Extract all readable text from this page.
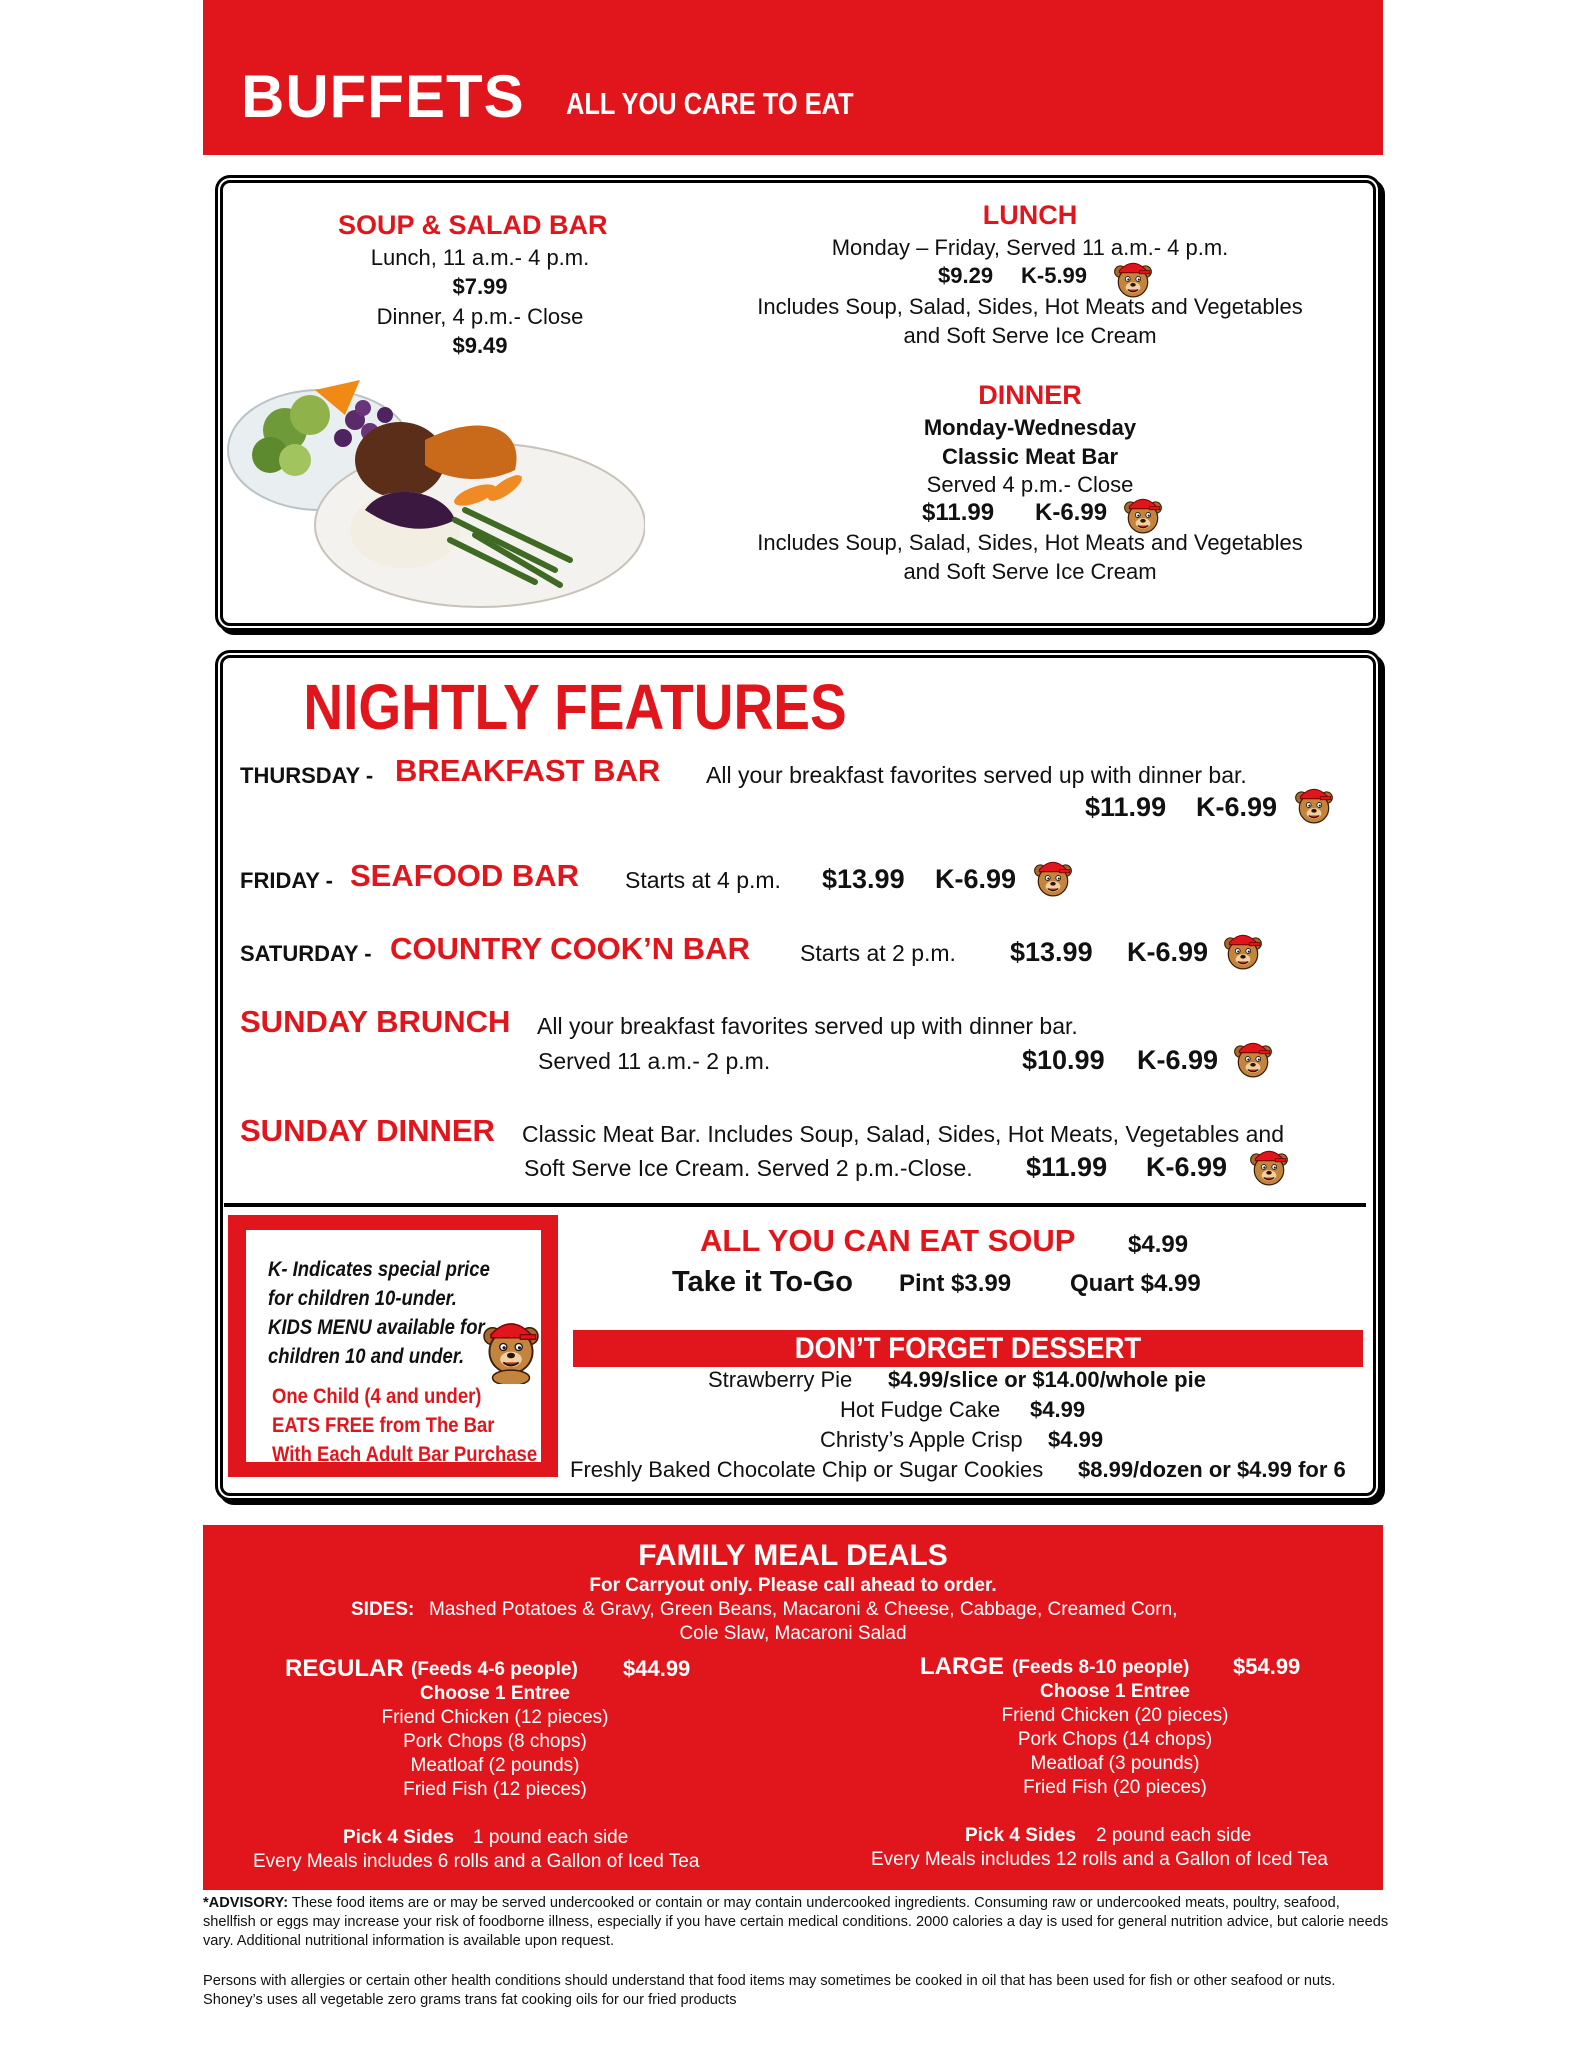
BUFFETS ALL YOU CARE TO EAT
SOUP & SALAD BAR
Lunch, 11 a.m.- 4 p.m.
$7.99
Dinner, 4 p.m.- Close
$9.49
LUNCH
Monday – Friday, Served 11 a.m.- 4 p.m.
$9.29 K-5.99
Includes Soup, Salad, Sides, Hot Meats and Vegetables
and Soft Serve Ice Cream
DINNER
Monday-Wednesday
Classic Meat Bar
Served 4 p.m.- Close
$11.99 K-6.99
Includes Soup, Salad, Sides, Hot Meats and Vegetables
and Soft Serve Ice Cream
NIGHTLY FEATURES
THURSDAY - BREAKFAST BAR All your breakfast favorites served up with dinner bar.
$11.99 K-6.99
FRIDAY - SEAFOOD BAR Starts at 4 p.m. $13.99 K-6.99
SATURDAY - COUNTRY COOK’N BAR Starts at 2 p.m. $13.99 K-6.99
SUNDAY BRUNCH All your breakfast favorites served up with dinner bar.
Served 11 a.m.- 2 p.m.	$10.99 K-6.99
SUNDAY DINNER Classic Meat Bar. Includes Soup, Salad, Sides, Hot Meats, Vegetables and
Soft Serve Ice Cream. Served 2 p.m.-Close. $11.99 K-6.99
K- Indicates special price
for children 10-under.
KIDS MENU available for
children 10 and under.
One Child (4 and under)
EATS FREE from The Bar
With Each Adult Bar Purchase
ALL YOU CAN EAT SOUP $4.99
Take it To-Go Pint $3.99 Quart $4.99
DON’T FORGET DESSERT
Strawberry Pie $4.99/slice or $14.00/whole pie
Hot Fudge Cake $4.99
Christy’s Apple Crisp $4.99
Freshly Baked Chocolate Chip or Sugar Cookies $8.99/dozen or $4.99 for 6
FAMILY MEAL DEALS
For Carryout only. Please call ahead to order.
SIDES: Mashed Potatoes & Gravy, Green Beans, Macaroni & Cheese, Cabbage, Creamed Corn,
Cole Slaw, Macaroni Salad
REGULAR (Feeds 4-6 people) $44.99
Choose 1 Entree
Friend Chicken (12 pieces)
Pork Chops (8 chops)
Meatloaf (2 pounds)
Fried Fish (12 pieces)
Pick 4 Sides 1 pound each side
Every Meals includes 6 rolls and a Gallon of Iced Tea
LARGE (Feeds 8-10 people) $54.99
Choose 1 Entree
Friend Chicken (20 pieces)
Pork Chops (14 chops)
Meatloaf (3 pounds)
Fried Fish (20 pieces)
Pick 4 Sides 2 pound each side
Every Meals includes 12 rolls and a Gallon of Iced Tea
*ADVISORY: These food items are or may be served undercooked or contain or may contain undercooked ingredients. Consuming raw or undercooked meats, poultry, seafood, shellfish or eggs may increase your risk of foodborne illness, especially if you have certain medical conditions. 2000 calories a day is used for general nutrition advice, but calorie needs vary. Additional nutritional information is available upon request.
Persons with allergies or certain other health conditions should understand that food items may sometimes be cooked in oil that has been used for fish or other seafood or nuts. Shoney’s uses all vegetable zero grams trans fat cooking oils for our fried products
